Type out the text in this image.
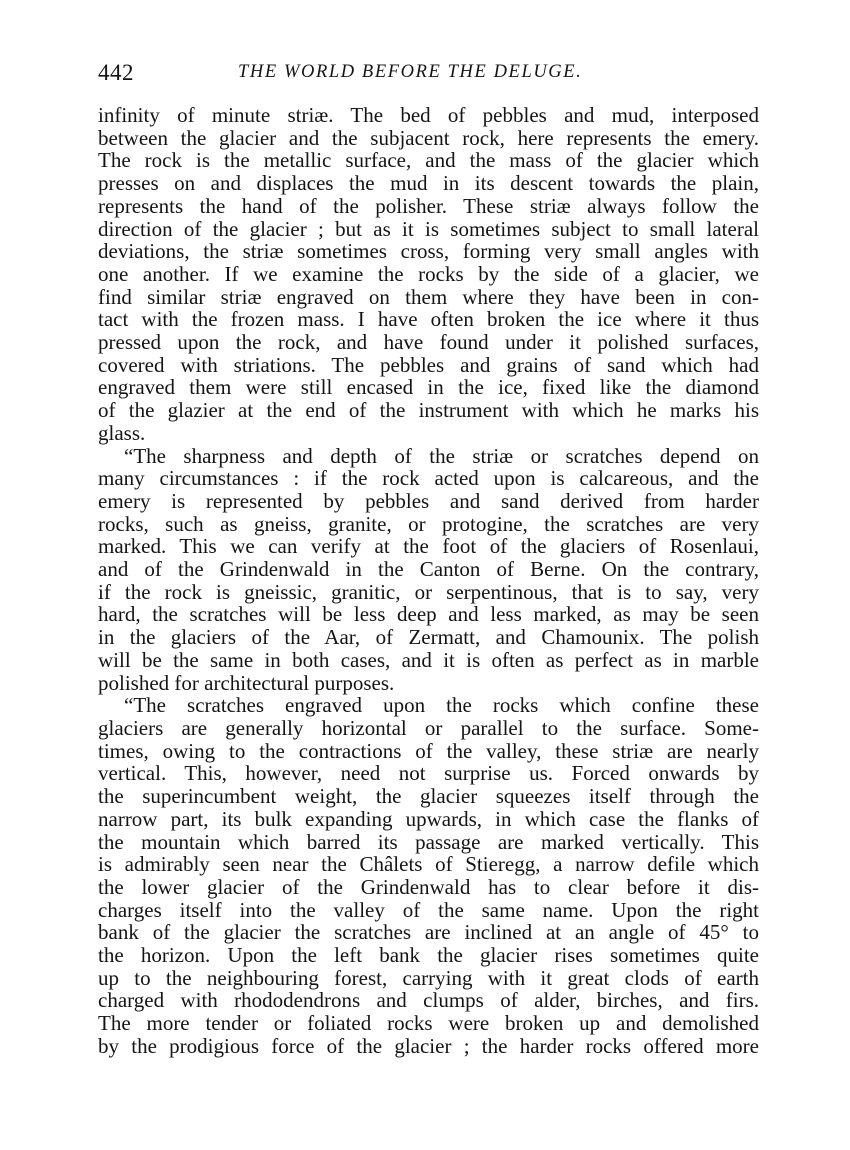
442	THE WORLD BEFORE THE DELUGE.

infinity of minute striæ. The bed of pebbles and mud, interposed
between the glacier and the subjacent rock, here represents the emery.
The rock is the metallic surface, and the mass of the glacier which
presses on and displaces the mud in its descent towards the plain,
represents the hand of the polisher. These striæ always follow the
direction of the glacier ; but as it is sometimes subject to small lateral
deviations, the striæ sometimes cross, forming very small angles with
one another. If we examine the rocks by the side of a glacier, we
find similar striæ engraved on them where they have been in con-
tact with the frozen mass. I have often broken the ice where it thus
pressed upon the rock, and have found under it polished surfaces,
covered with striations. The pebbles and grains of sand which had
engraved them were still encased in the ice, fixed like the diamond
of the glazier at the end of the instrument with which he marks his
glass.

“The sharpness and depth of the striæ or scratches depend on
many circumstances : if the rock acted upon is calcareous, and the
emery is represented by pebbles and sand derived from harder
rocks, such as gneiss, granite, or protogine, the scratches are very
marked. This we can verify at the foot of the glaciers of Rosenlaui,
and of the Grindenwald in the Canton of Berne. On the contrary,
if the rock is gneissic, granitic, or serpentinous, that is to say, very
hard, the scratches will be less deep and less marked, as may be seen
in the glaciers of the Aar, of Zermatt, and Chamounix. The polish
will be the same in both cases, and it is often as perfect as in marble
polished for architectural purposes.

“The scratches engraved upon the rocks which confine these
glaciers are generally horizontal or parallel to the surface. Some-
times, owing to the contractions of the valley, these striæ are nearly
vertical. This, however, need not surprise us. Forced onwards by
the superincumbent weight, the glacier squeezes itself through the
narrow part, its bulk expanding upwards, in which case the flanks of
the mountain which barred its passage are marked vertically. This
is admirably seen near the Châlets of Stieregg, a narrow defile which
the lower glacier of the Grindenwald has to clear before it dis-
charges itself into the valley of the same name. Upon the right
bank of the glacier the scratches are inclined at an angle of 45° to
the horizon. Upon the left bank the glacier rises sometimes quite
up to the neighbouring forest, carrying with it great clods of earth
charged with rhododendrons and clumps of alder, birches, and firs.
The more tender or foliated rocks were broken up and demolished
by the prodigious force of the glacier ; the harder rocks offered more
